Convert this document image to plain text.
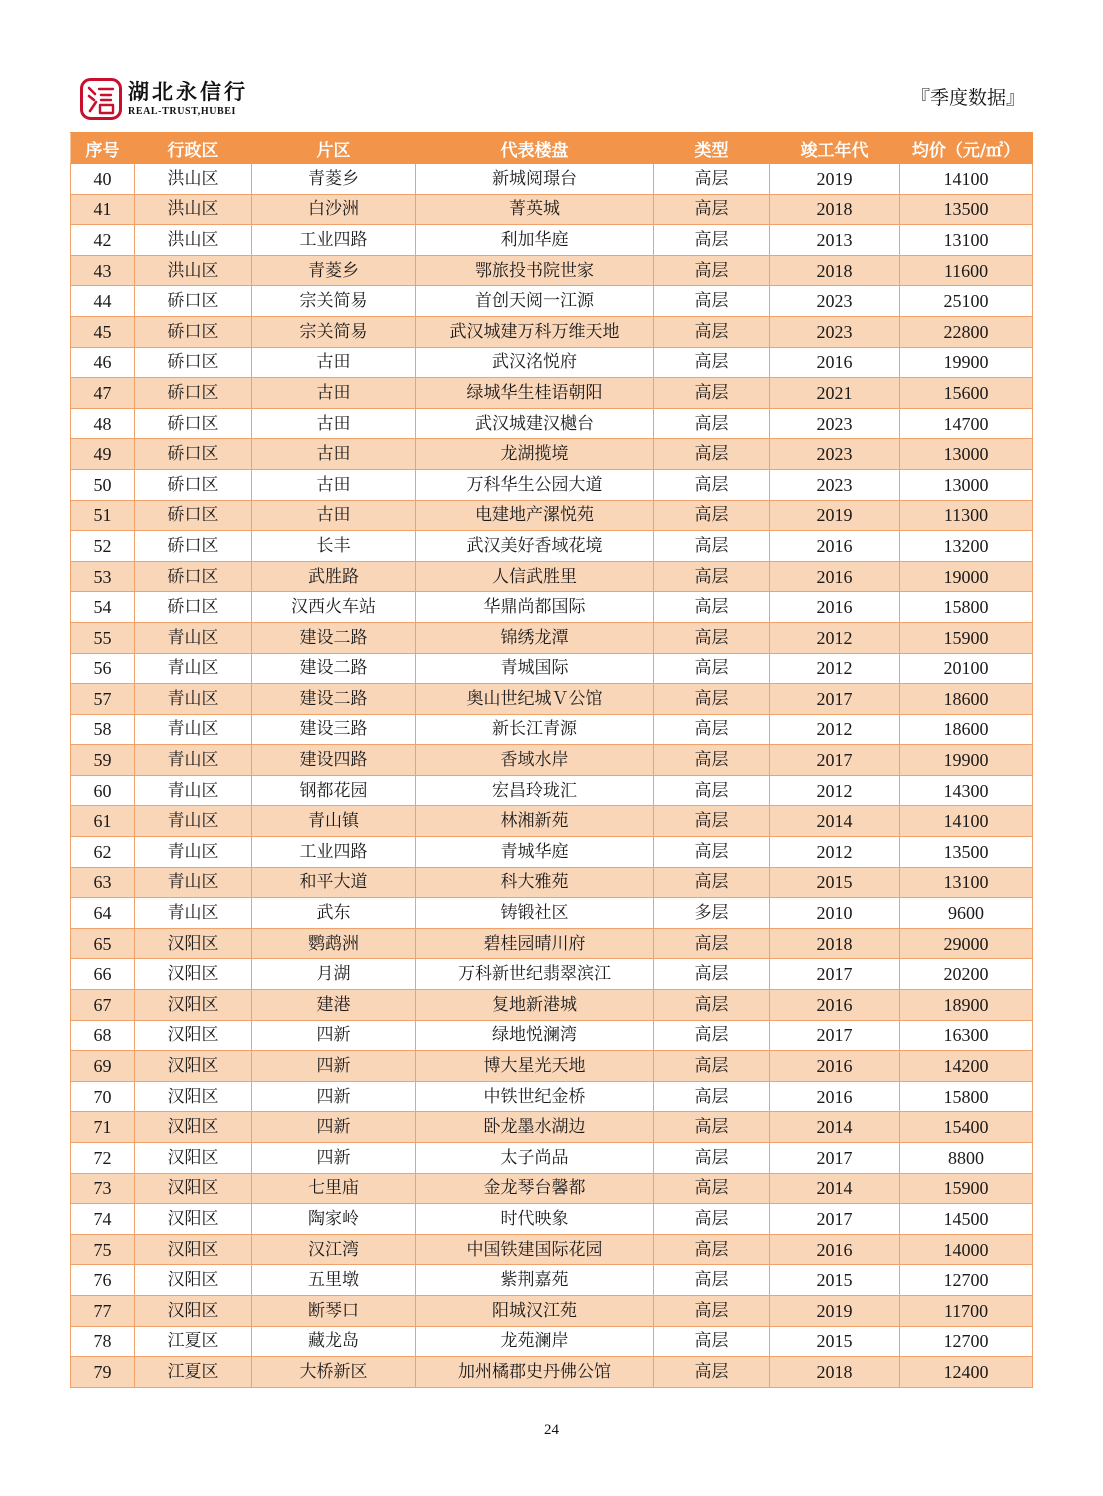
湖北永信行
REAL-TRUST,HUBEI
『季度数据』
序号	行政区	片区	代表楼盘	类型	竣工年代	均价（元/㎡）
40	洪山区	青菱乡	新城阅璟台	高层	2019	14100
41	洪山区	白沙洲	菁英城	高层	2018	13500
42	洪山区	工业四路	利加华庭	高层	2013	13100
43	洪山区	青菱乡	鄂旅投书院世家	高层	2018	11600
44	硚口区	宗关简易	首创天阅一江源	高层	2023	25100
45	硚口区	宗关简易	武汉城建万科万维天地	高层	2023	22800
46	硚口区	古田	武汉洺悦府	高层	2016	19900
47	硚口区	古田	绿城华生桂语朝阳	高层	2021	15600
48	硚口区	古田	武汉城建汉樾台	高层	2023	14700
49	硚口区	古田	龙湖揽境	高层	2023	13000
50	硚口区	古田	万科华生公园大道	高层	2023	13000
51	硚口区	古田	电建地产漯悦苑	高层	2019	11300
52	硚口区	长丰	武汉美好香域花境	高层	2016	13200
53	硚口区	武胜路	人信武胜里	高层	2016	19000
54	硚口区	汉西火车站	华鼎尚都国际	高层	2016	15800
55	青山区	建设二路	锦绣龙潭	高层	2012	15900
56	青山区	建设二路	青城国际	高层	2012	20100
57	青山区	建设二路	奥山世纪城Ｖ公馆	高层	2017	18600
58	青山区	建设三路	新长江青源	高层	2012	18600
59	青山区	建设四路	香域水岸	高层	2017	19900
60	青山区	钢都花园	宏昌玲珑汇	高层	2012	14300
61	青山区	青山镇	林湘新苑	高层	2014	14100
62	青山区	工业四路	青城华庭	高层	2012	13500
63	青山区	和平大道	科大雅苑	高层	2015	13100
64	青山区	武东	铸锻社区	多层	2010	9600
65	汉阳区	鹦鹉洲	碧桂园晴川府	高层	2018	29000
66	汉阳区	月湖	万科新世纪翡翠滨江	高层	2017	20200
67	汉阳区	建港	复地新港城	高层	2016	18900
68	汉阳区	四新	绿地悦澜湾	高层	2017	16300
69	汉阳区	四新	博大星光天地	高层	2016	14200
70	汉阳区	四新	中铁世纪金桥	高层	2016	15800
71	汉阳区	四新	卧龙墨水湖边	高层	2014	15400
72	汉阳区	四新	太子尚品	高层	2017	8800
73	汉阳区	七里庙	金龙琴台馨都	高层	2014	15900
74	汉阳区	陶家岭	时代映象	高层	2017	14500
75	汉阳区	汉江湾	中国铁建国际花园	高层	2016	14000
76	汉阳区	五里墩	紫荆嘉苑	高层	2015	12700
77	汉阳区	断琴口	阳城汉江苑	高层	2019	11700
78	江夏区	藏龙岛	龙苑澜岸	高层	2015	12700
79	江夏区	大桥新区	加州橘郡史丹佛公馆	高层	2018	12400
24
